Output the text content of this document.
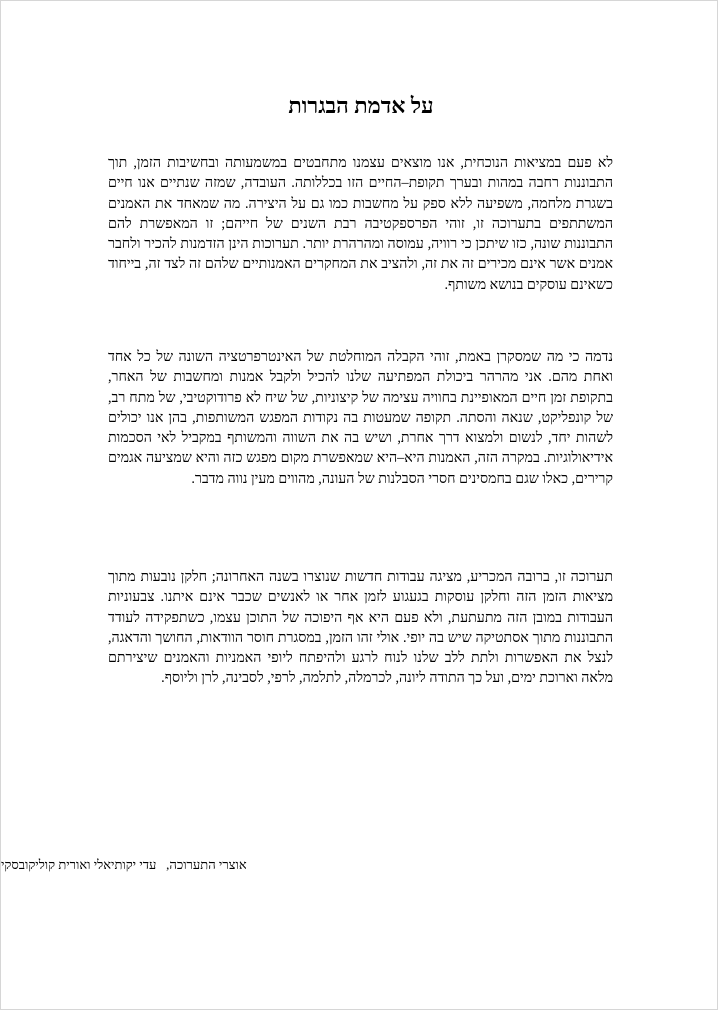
על אדמת הבגרות

לא פעם במציאות הנוכחית, אנו מוצאים עצמנו מתחבטים במשמעותה ובחשיבות הזמן, תוך התבוננות רחבה במהות ובערך תקופת–החיים הזו בכללותה. העובדה, שמזה שנתיים אנו חיים בשגרת מלחמה, משפיעה ללא ספק על מחשבות כמו גם על היצירה. מה שמאחד את האמנים המשתתפים בתערוכה זו, זוהי הפרספקטיבה רבת השנים של חייהם; זו המאפשרת להם התבוננות שונה, כזו שיתכן כי רוויה, עמוסה ומהרהרת יותר. תערוכות הינן הזדמנות להכיר ולחבר אמנים אשר אינם מכירים זה את זה, ולהציב את המחקרים האמנותיים שלהם זה לצד זה, בייחוד כשאינם עוסקים בנושא משותף.

נדמה כי מה שמסקרן באמת, זוהי הקבלה המוחלטת של האינטרפרטציה השונה של כל אחד ואחת מהם. אני מהרהר ביכולת המפתיעה שלנו להכיל ולקבל אמנות ומחשבות של האחר, בתקופת זמן חיים המאופיינת בחוויה עצימה של קיצוניות, של שיח לא פרודוקטיבי, של מתח רב, של קונפליקט, שנאה והסתה. תקופה שמעטות בה נקודות המפגש המשותפות, בהן אנו יכולים לשהות יחד, לנשום ולמצוא דרך אחרת, ושיש בה את השווה והמשותף במקביל לאי הסכמות אידיאולוגיות. במקרה הזה, האמנות היא–היא שמאפשרת מקום מפגש כזה והיא שמציעה אגמים קרירים, כאלו שגם בחמסינים חסרי הסבלנות של העונה, מהווים מעין נווה מדבר.

תערוכה זו, ברובה המכריע, מציגה עבודות חדשות שנוצרו בשנה האחרונה; חלקן נובעות מתוך מציאות הזמן הזה וחלקן עוסקות בגעגוע לזמן אחר או לאנשים שכבר אינם איתנו. צבעוניות העבודות במובן הזה מתעתעת, ולא פעם היא אף היפוכה של התוכן עצמו, כשתפקידה לעודד התבוננות מתוך אסתטיקה שיש בה יופי. אולי זהו הזמן, במסגרת חוסר הוודאות, החושך והדאגה, לנצל את האפשרות ולתת ללב שלנו לנוח לרגע ולהיפתח ליופי האמניות והאמנים שיצירתם מלאה וארוכת ימים, ועל כך התודה ליונה, לכרמלה, לתלמה, לרפי, לסבינה, לרן וליוסף.

אוצרי התערוכה,   עדי יקותיאלי ואורית קוליקובסקי
